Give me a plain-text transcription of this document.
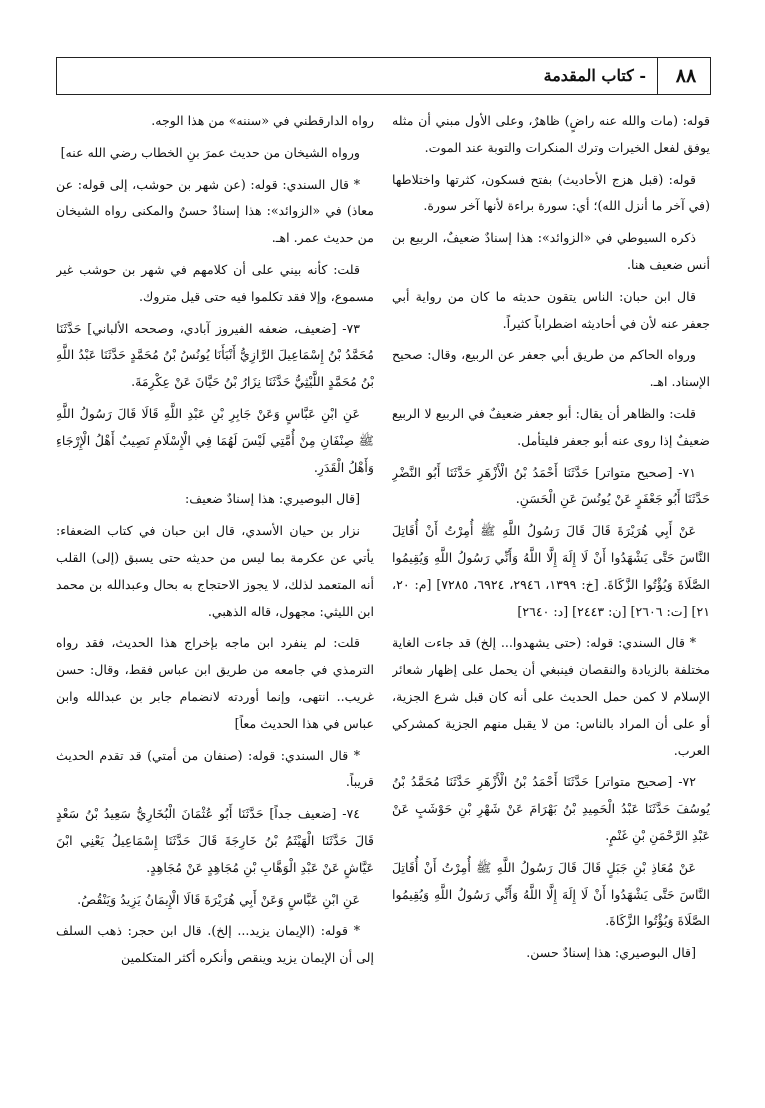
٨٨
- كتاب المقدمة

قوله: (مات والله عنه راضٍ) ظاهرٌ، وعلى الأول مبني أن مثله يوفق لفعل الخيرات وترك المنكرات والتوبة عند الموت.

قوله: (قبل هزج الأحاديث) بفتح فسكون، كثرتها واختلاطها (في آخر ما أنزل الله)؛ أي: سورة براءة لأنها آخر سورة.

ذكره السيوطي في «الزوائد»: هذا إسنادٌ ضعيفٌ، الربيع بن أنس ضعيف هنا.

قال ابن حبان: الناس يتقون حديثه ما كان من رواية أبي جعفر عنه لأن في أحاديثه اضطراباً كثيراً.

ورواه الحاكم من طريق أبي جعفر عن الربيع، وقال: صحيح الإسناد. اهـ.

قلت: والظاهر أن يقال: أبو جعفر ضعيفٌ في الربيع لا الربيع ضعيفٌ إذا روى عنه أبو جعفر فليتأمل.

٧١- [صحيح متواتر] حَدَّثَنَا أَحْمَدُ بْنُ الْأَزْهَرِ حَدَّثَنَا أَبُو النَّضْرِ حَدَّثَنَا أَبُو جَعْفَرٍ عَنْ يُونُسَ عَنِ الْحَسَنِ.

عَنْ أَبِي هُرَيْرَةَ قَالَ قَالَ رَسُولُ اللَّهِ ﷺ أُمِرْتُ أَنْ أُقَاتِلَ النَّاسَ حَتَّى يَشْهَدُوا أَنْ لَا إِلَهَ إِلَّا اللَّهُ وَأَنِّي رَسُولُ اللَّهِ وَيُقِيمُوا الصَّلَاةَ وَيُؤْتُوا الزَّكَاةَ. [خ: ١٣٩٩، ٢٩٤٦، ٦٩٢٤، ٧٢٨٥] [م: ٢٠، ٢١] [ت: ٢٦٠٦] [ن: ٢٤٤٣] [د: ٢٦٤٠]

* قال السندي: قوله: (حتى يشهدوا... إلخ) قد جاءت الغاية مختلفة بالزيادة والنقصان فينبغي أن يحمل على إظهار شعائر الإسلام لا كمن حمل الحديث على أنه كان قبل شرع الجزية، أو على أن المراد بالناس: من لا يقبل منهم الجزية كمشركي العرب.

٧٢- [صحيح متواتر] حَدَّثَنَا أَحْمَدُ بْنُ الْأَزْهَرِ حَدَّثَنَا مُحَمَّدُ بْنُ يُوسُفَ حَدَّثَنَا عَبْدُ الْحَمِيدِ بْنُ بَهْرَامَ عَنْ شَهْرِ بْنِ حَوْشَبٍ عَنْ عَبْدِ الرَّحْمَنِ بْنِ غَنْمٍ.

عَنْ مُعَاذِ بْنِ جَبَلٍ قَالَ قَالَ رَسُولُ اللَّهِ ﷺ أُمِرْتُ أَنْ أُقَاتِلَ النَّاسَ حَتَّى يَشْهَدُوا أَنْ لَا إِلَهَ إِلَّا اللَّهُ وَأَنِّي رَسُولُ اللَّهِ وَيُقِيمُوا الصَّلَاةَ وَيُؤْتُوا الزَّكَاةَ.

[قال البوصيري: هذا إسنادٌ حسن.

رواه الدارقطني في «سننه» من هذا الوجه.

ورواه الشيخان من حديث عمرَ بنِ الخطاب رضي الله عنه]

* قال السندي: قوله: (عن شهر بن حوشب، إلى قوله: عن معاذ) في «الزوائد»: هذا إسنادٌ حسنٌ والمكنى رواه الشيخان من حديث عمر. اهـ.

قلت: كأنه بيني على أن كلامهم في شهر بن حوشب غير مسموع، وإلا فقد تكلموا فيه حتى قيل متروك.

٧٣- [ضعيف، ضعفه الفيروز آبادي، وصححه الألباني] حَدَّثَنَا مُحَمَّدُ بْنُ إِسْمَاعِيلَ الرَّازِيُّ أَنْبَأَنَا يُونُسُ بْنُ مُحَمَّدٍ حَدَّثَنَا عَبْدُ اللَّهِ بْنُ مُحَمَّدٍ اللَّيْثِيُّ حَدَّثَنَا نِزَارُ بْنُ حَيَّانَ عَنْ عِكْرِمَةَ.

عَنِ ابْنِ عَبَّاسٍ وَعَنْ جَابِرِ بْنِ عَبْدِ اللَّهِ قَالَا قَالَ رَسُولُ اللَّهِ ﷺ صِنْفَانِ مِنْ أُمَّتِي لَيْسَ لَهُمَا فِي الْإِسْلَامِ نَصِيبٌ أَهْلُ الْإِرْجَاءِ وَأَهْلُ الْقَدَرِ.

[قال البوصيري: هذا إسنادٌ ضعيف:

نزار بن حيان الأسدي، قال ابن حبان في كتاب الضعفاء: يأتي عن عكرمة بما ليس من حديثه حتى يسبق (إلى) القلب أنه المتعمد لذلك، لا يجوز الاحتجاج به بحال وعبدالله بن محمد ابن الليثي: مجهول، قاله الذهبي.

قلت: لم ينفرد ابن ماجه بإخراج هذا الحديث، فقد رواه الترمذي في جامعه من طريق ابن عباس فقط، وقال: حسن غريب.. انتهى، وإنما أوردته لانضمام جابر بن عبدالله وابن عباس في هذا الحديث معاً]

* قال السندي: قوله: (صنفان من أمتي) قد تقدم الحديث قريباً.

٧٤- [ضعيف جداً] حَدَّثَنَا أَبُو عُثْمَانَ الْبُخَارِيُّ سَعِيدُ بْنُ سَعْدٍ قَالَ حَدَّثَنَا الْهَيْثَمُ بْنُ خَارِجَةَ قَالَ حَدَّثَنَا إِسْمَاعِيلُ يَعْنِي ابْنَ عَيَّاشٍ عَنْ عَبْدِ الْوَهَّابِ بْنِ مُجَاهِدٍ عَنْ مُجَاهِدٍ.

عَنِ ابْنِ عَبَّاسٍ وَعَنْ أَبِي هُرَيْرَةَ قَالَا الْإِيمَانُ يَزِيدُ وَيَنْقُصُ.

* قوله: (الإيمان يزيد... إلخ). قال ابن حجر: ذهب السلف إلى أن الإيمان يزيد وينقص وأنكره أكثر المتكلمين
